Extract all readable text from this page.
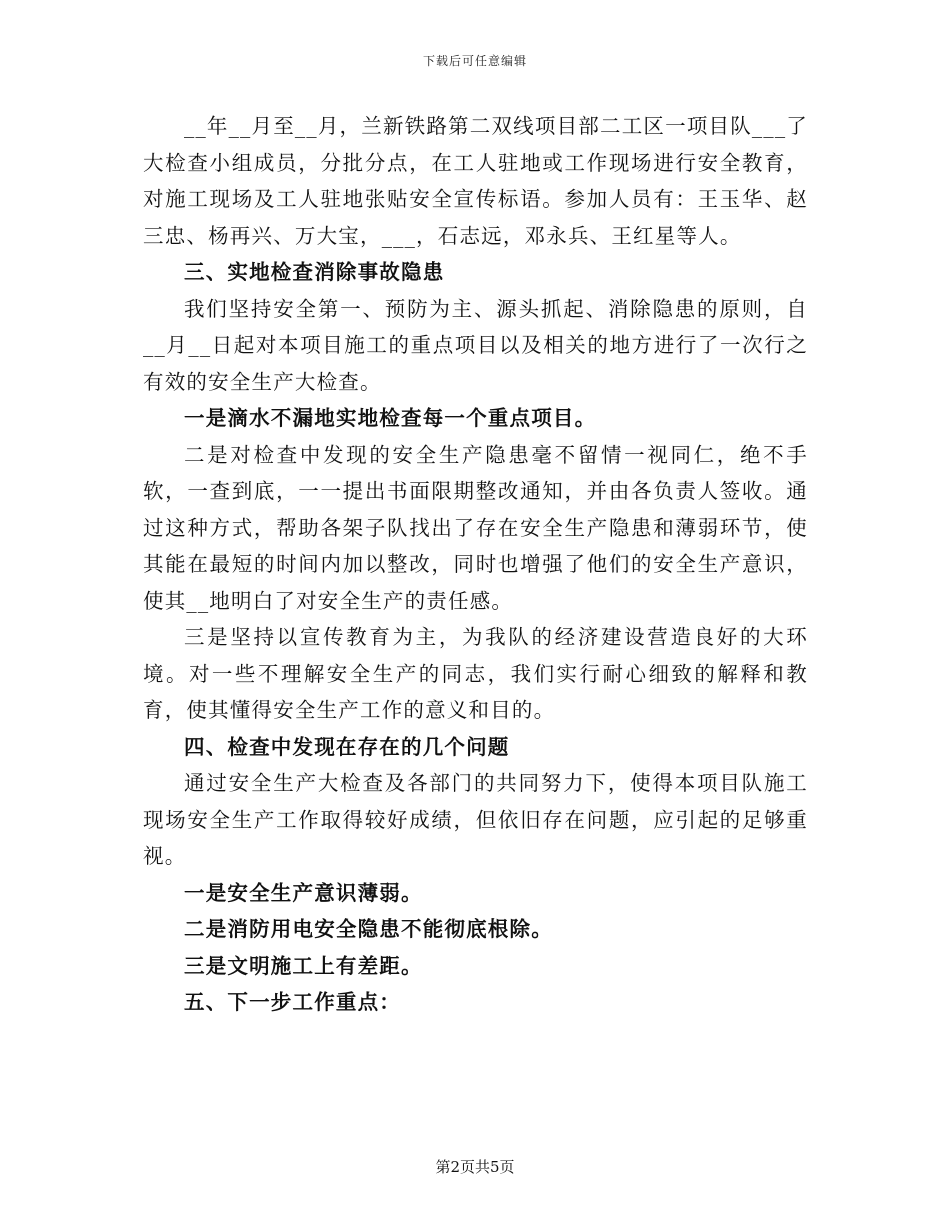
下载后可任意编辑

__年__月至__月，兰新铁路第二双线项目部二工区一项目队___了大检查小组成员，分批分点，在工人驻地或工作现场进行安全教育，对施工现场及工人驻地张贴安全宣传标语。参加人员有：王玉华、赵三忠、杨再兴、万大宝，___，石志远，邓永兵、王红星等人。

三、实地检查消除事故隐患

我们坚持安全第一、预防为主、源头抓起、消除隐患的原则，自__月__日起对本项目施工的重点项目以及相关的地方进行了一次行之有效的安全生产大检查。

一是滴水不漏地实地检查每一个重点项目。

二是对检查中发现的安全生产隐患毫不留情一视同仁，绝不手软，一查到底，一一提出书面限期整改通知，并由各负责人签收。通过这种方式，帮助各架子队找出了存在安全生产隐患和薄弱环节，使其能在最短的时间内加以整改，同时也增强了他们的安全生产意识，使其__地明白了对安全生产的责任感。

三是坚持以宣传教育为主，为我队的经济建设营造良好的大环境。对一些不理解安全生产的同志，我们实行耐心细致的解释和教育，使其懂得安全生产工作的意义和目的。

四、检查中发现在存在的几个问题

通过安全生产大检查及各部门的共同努力下，使得本项目队施工现场安全生产工作取得较好成绩，但依旧存在问题，应引起的足够重视。

一是安全生产意识薄弱。

二是消防用电安全隐患不能彻底根除。

三是文明施工上有差距。

五、下一步工作重点：

第2页共5页
